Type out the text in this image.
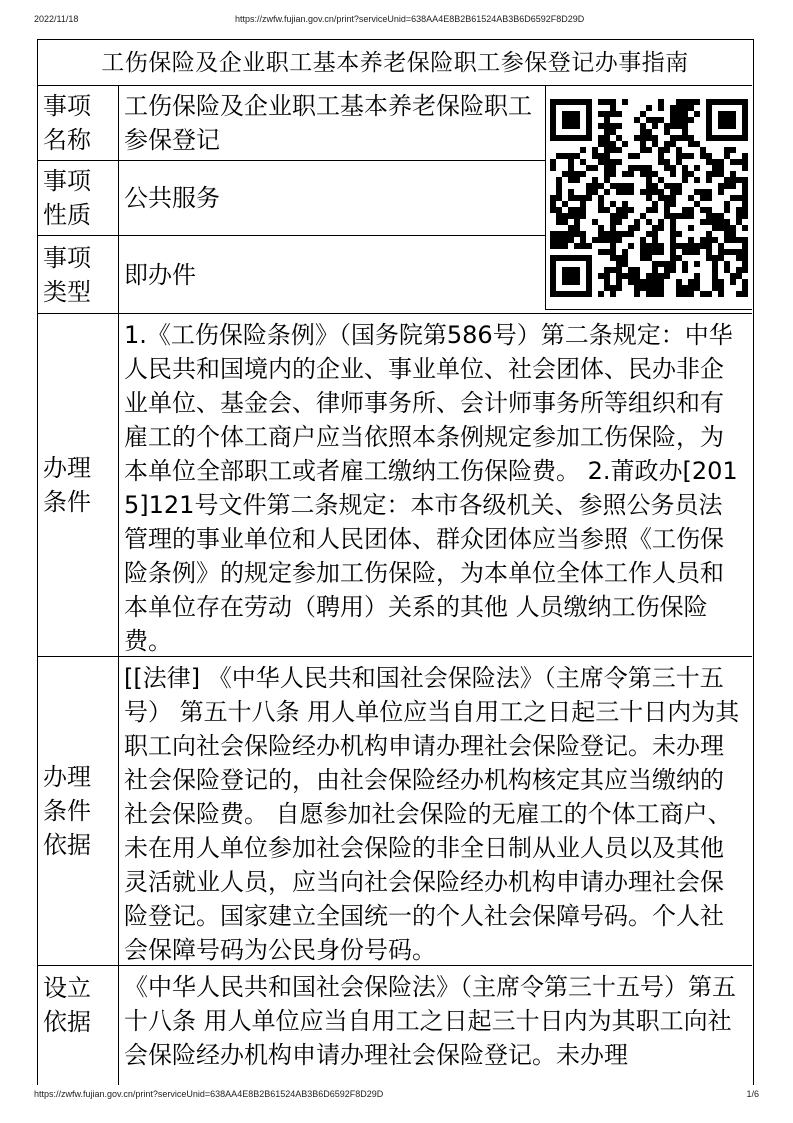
2022/11/18	https://zwfw.fujian.gov.cn/print?serviceUnid=638AA4E8B2B61524AB3B6D6592F8D29D
工伤保险及企业职工基本养老保险职工参保登记办事指南
事项名称
工伤保险及企业职工基本养老保险职工参保登记
事项性质
公共服务
事项类型
即办件
办理条件
1.《工伤保险条例》（国务院第586号）第二条规定：中华人民共和国境内的企业、事业单位、社会团体、民办非企业单位、基金会、律师事务所、会计师事务所等组织和有雇工的个体工商户应当依照本条例规定参加工伤保险，为本单位全部职工或者雇工缴纳工伤保险费。 2.莆政办[2015]121号文件第二条规定：本市各级机关、参照公务员法管理的事业单位和人民团体、群众团体应当参照《工伤保险条例》的规定参加工伤保险，为本单位全体工作人员和本单位存在劳动（聘用）关系的其他 人员缴纳工伤保险费。
办理条件依据
[[法律] 《中华人民共和国社会保险法》（主席令第三十五号） 第五十八条 用人单位应当自用工之日起三十日内为其职工向社会保险经办机构申请办理社会保险登记。未办理社会保险登记的，由社会保险经办机构核定其应当缴纳的社会保险费。 自愿参加社会保险的无雇工的个体工商户、未在用人单位参加社会保险的非全日制从业人员以及其他灵活就业人员，应当向社会保险经办机构申请办理社会保险登记。国家建立全国统一的个人社会保障号码。个人社会保障号码为公民身份号码。
设立依据
《中华人民共和国社会保险法》（主席令第三十五号）第五十八条 用人单位应当自用工之日起三十日内为其职工向社会保险经办机构申请办理社会保险登记。未办理
https://zwfw.fujian.gov.cn/print?serviceUnid=638AA4E8B2B61524AB3B6D6592F8D29D	1/6
